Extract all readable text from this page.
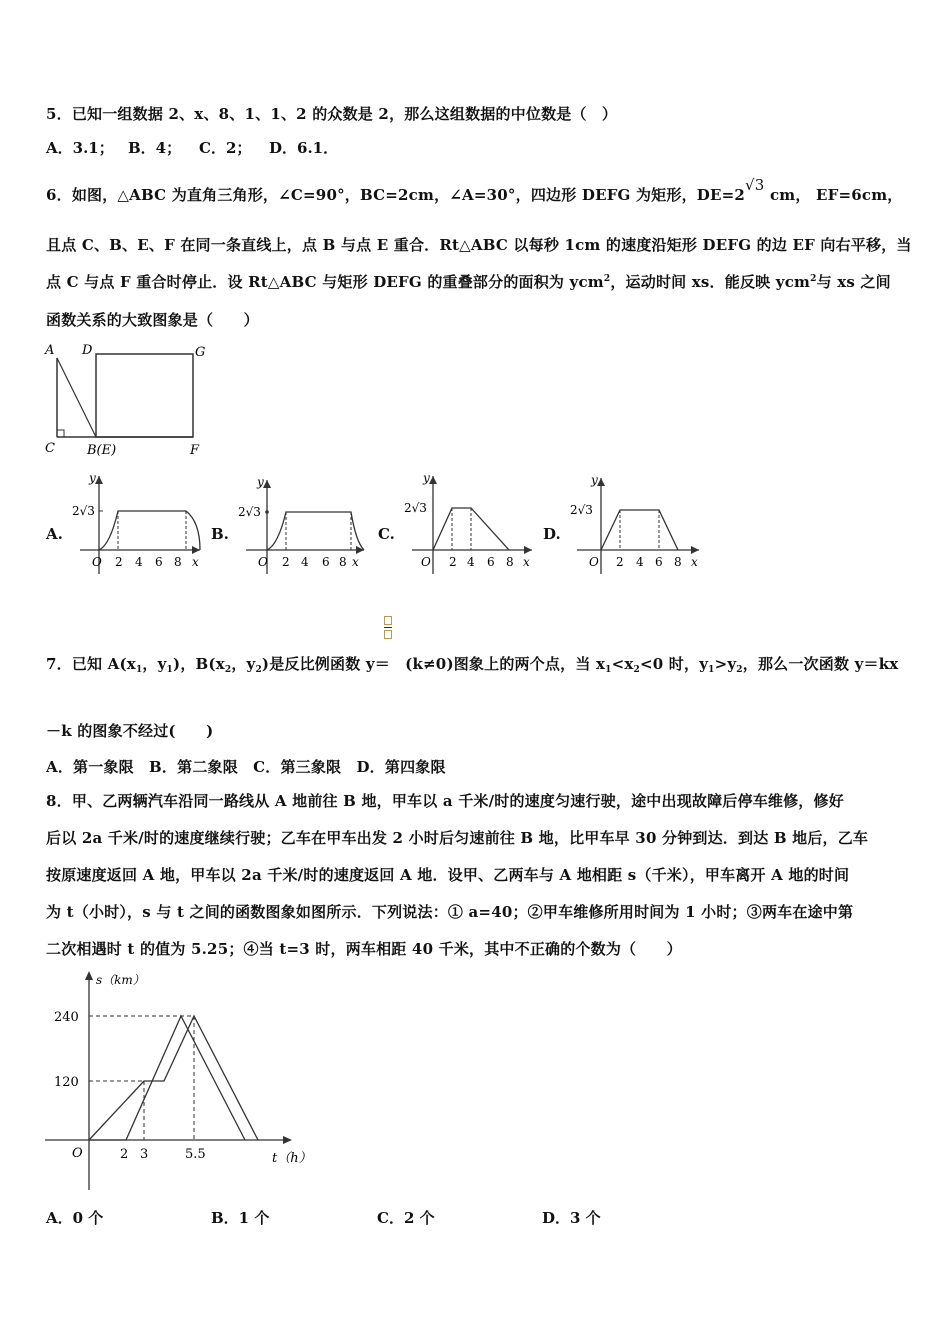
5．已知一组数据 2、x、8、1、1、2 的众数是 2，那么这组数据的中位数是（　）
A．3.1； B．4； C．2； D．6.1．
6．如图，△ABC 为直角三角形，∠C=90°，BC=2cm，∠A=30°，四边形 DEFG 为矩形，DE=2√3 cm， EF=6cm，
且点 C、B、E、F 在同一条直线上，点 B 与点 E 重合．Rt△ABC 以每秒 1cm 的速度沿矩形 DEFG 的边 EF 向右平移，当
点 C 与点 F 重合时停止．设 Rt△ABC 与矩形 DEFG 的重叠部分的面积为 ycm$^2$，运动时间 xs．能反映 ycm$^2$与 xs 之间
函数关系的大致图象是（　　）
A D	G
C B(E)	F
A.
y
2√3
O 2 4 6 8 x
B.
y
2√3
O 2 4 6 8 x
C.
y
2√3
O 2 4 6 8 x
D.
y
2√3
O 2 4 6 8 x
7．已知 $A(x_1$，$y_1$)，$B(x_2$，$y_2$)是反比例函数 y＝　(k≠0)图象上的两个点，当 $x_1<x_2<0$ 时，$y_1>y_2$，那么一次函数 y＝kx
－k 的图象不经过(　　)
A．第一象限　B．第二象限　C．第三象限　D．第四象限
8．甲、乙两辆汽车沿同一路线从 A 地前往 B 地，甲车以 a 千米/时的速度匀速行驶，途中出现故障后停车维修，修好
后以 2a 千米/时的速度继续行驶；乙车在甲车出发 2 小时后匀速前往 B 地，比甲车早 30 分钟到达．到达 B 地后，乙车
按原速度返回 A 地，甲车以 2a 千米/时的速度返回 A 地．设甲、乙两车与 A 地相距 s（千米），甲车离开 A 地的时间
为 t（小时），s 与 t 之间的函数图象如图所示．下列说法：① a=40；②甲车维修所用时间为 1 小时；③两车在途中第
二次相遇时 t 的值为 5.25；④当 t=3 时，两车相距 40 千米，其中不正确的个数为（　　）
s（km）
t（h）
O
240
120
2 3	5.5
A．0 个	B．1 个	C．2 个	D．3 个
